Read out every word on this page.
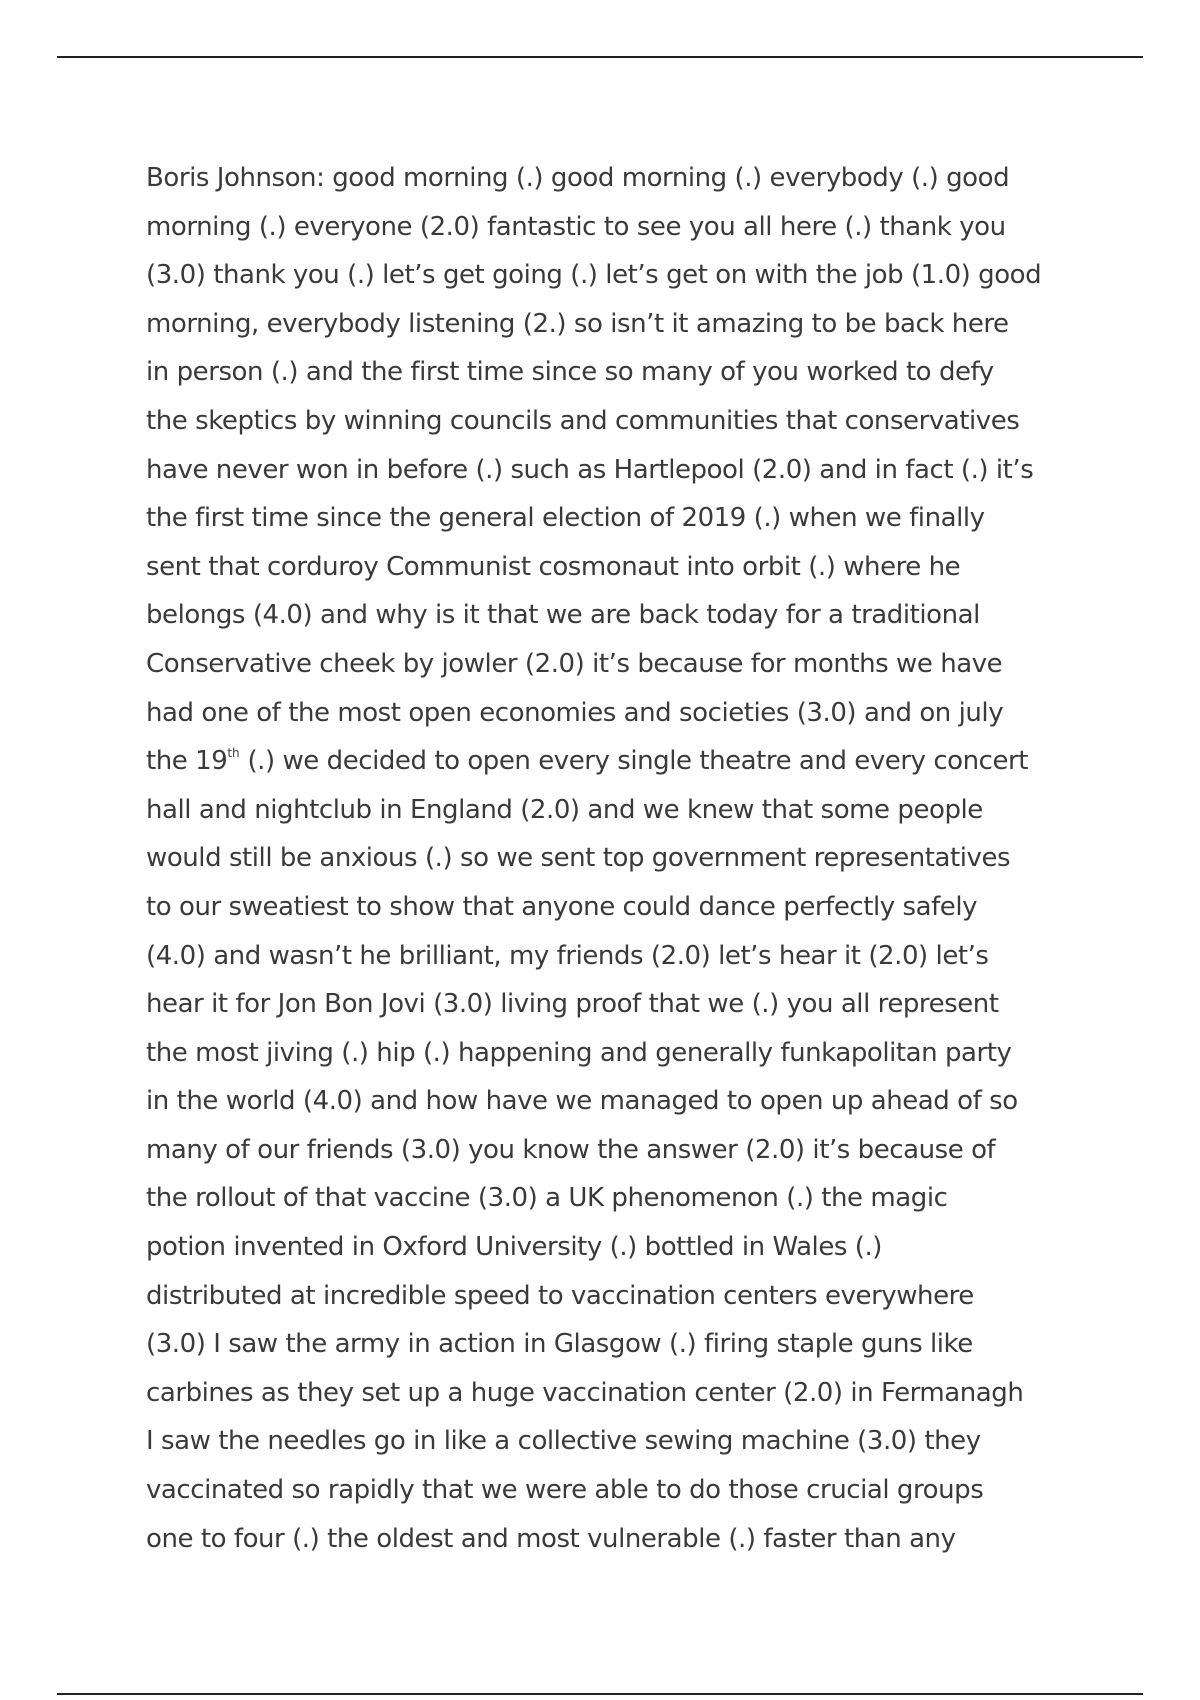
Boris Johnson: good morning (.) good morning (.) everybody (.) good
morning (.) everyone (2.0) fantastic to see you all here (.) thank you
(3.0) thank you (.) let’s get going (.) let’s get on with the job (1.0) good
morning, everybody listening (2.) so isn’t it amazing to be back here
in person (.) and the first time since so many of you worked to defy
the skeptics by winning councils and communities that conservatives
have never won in before (.) such as Hartlepool (2.0) and in fact (.) it’s
the first time since the general election of 2019 (.) when we finally
sent that corduroy Communist cosmonaut into orbit (.) where he
belongs (4.0) and why is it that we are back today for a traditional
Conservative cheek by jowler (2.0) it’s because for months we have
had one of the most open economies and societies (3.0) and on july
the 19th (.) we decided to open every single theatre and every concert
hall and nightclub in England (2.0) and we knew that some people
would still be anxious (.) so we sent top government representatives
to our sweatiest to show that anyone could dance perfectly safely
(4.0) and wasn’t he brilliant, my friends (2.0) let’s hear it (2.0) let’s
hear it for Jon Bon Jovi (3.0) living proof that we (.) you all represent
the most jiving (.) hip (.) happening and generally funkapolitan party
in the world (4.0) and how have we managed to open up ahead of so
many of our friends (3.0) you know the answer (2.0) it’s because of
the rollout of that vaccine (3.0) a UK phenomenon (.) the magic
potion invented in Oxford University (.) bottled in Wales (.)
distributed at incredible speed to vaccination centers everywhere
(3.0) I saw the army in action in Glasgow (.) firing staple guns like
carbines as they set up a huge vaccination center (2.0) in Fermanagh
I saw the needles go in like a collective sewing machine (3.0) they
vaccinated so rapidly that we were able to do those crucial groups
one to four (.) the oldest and most vulnerable (.) faster than any
